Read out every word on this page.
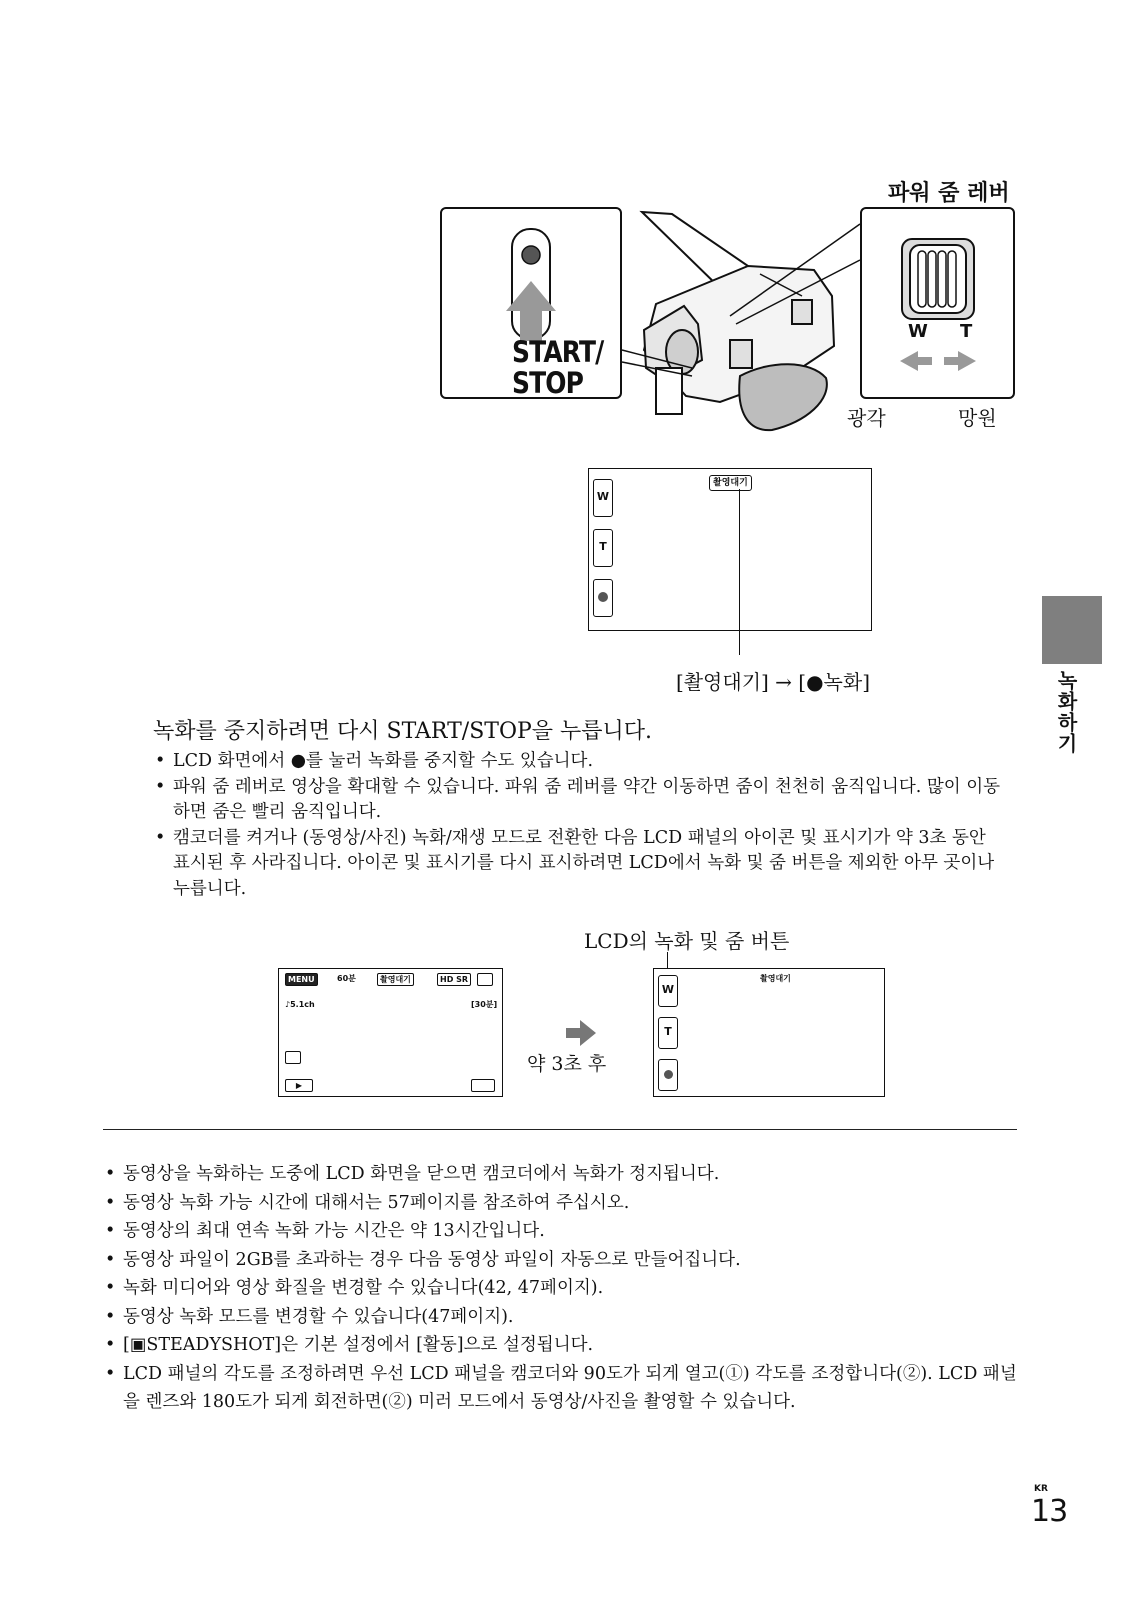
파워 줌 레버
START/
STOP
W T
광각	망원
W
T
촬영대기
[촬영대기] → [●녹화]
녹화를 중지하려면 다시 START/STOP을 누릅니다.
• LCD 화면에서 ●를 눌러 녹화를 중지할 수도 있습니다.
• 파워 줌 레버로 영상을 확대할 수 있습니다. 파워 줌 레버를 약간 이동하면 줌이 천천히 움직입니다. 많이 이동하면 줌은 빨리 움직입니다.
• 캠코더를 켜거나 (동영상/사진) 녹화/재생 모드로 전환한 다음 LCD 패널의 아이콘 및 표시기가 약 3초 동안 표시된 후 사라집니다. 아이콘 및 표시기를 다시 표시하려면 LCD에서 녹화 및 줌 버튼을 제외한 아무 곳이나 누릅니다.
LCD의 녹화 및 줌 버튼
MENU	60분	촬영대기	HD SR

♪5.1ch	[30분]

▶

약 3초 후
W
T
촬영대기
• 동영상을 녹화하는 도중에 LCD 화면을 닫으면 캠코더에서 녹화가 정지됩니다.
• 동영상 녹화 가능 시간에 대해서는 57페이지를 참조하여 주십시오.
• 동영상의 최대 연속 녹화 가능 시간은 약 13시간입니다.
• 동영상 파일이 2GB를 초과하는 경우 다음 동영상 파일이 자동으로 만들어집니다.
• 녹화 미디어와 영상 화질을 변경할 수 있습니다(42, 47페이지).
• 동영상 녹화 모드를 변경할 수 있습니다(47페이지).
• [▣STEADYSHOT]은 기본 설정에서 [활동]으로 설정됩니다.
• LCD 패널의 각도를 조정하려면 우선 LCD 패널을 캠코더와 90도가 되게 열고(①) 각도를 조정합니다(②). LCD 패널을 렌즈와 180도가 되게 회전하면(②) 미러 모드에서 동영상/사진을 촬영할 수 있습니다.
녹화하기
KR
13
